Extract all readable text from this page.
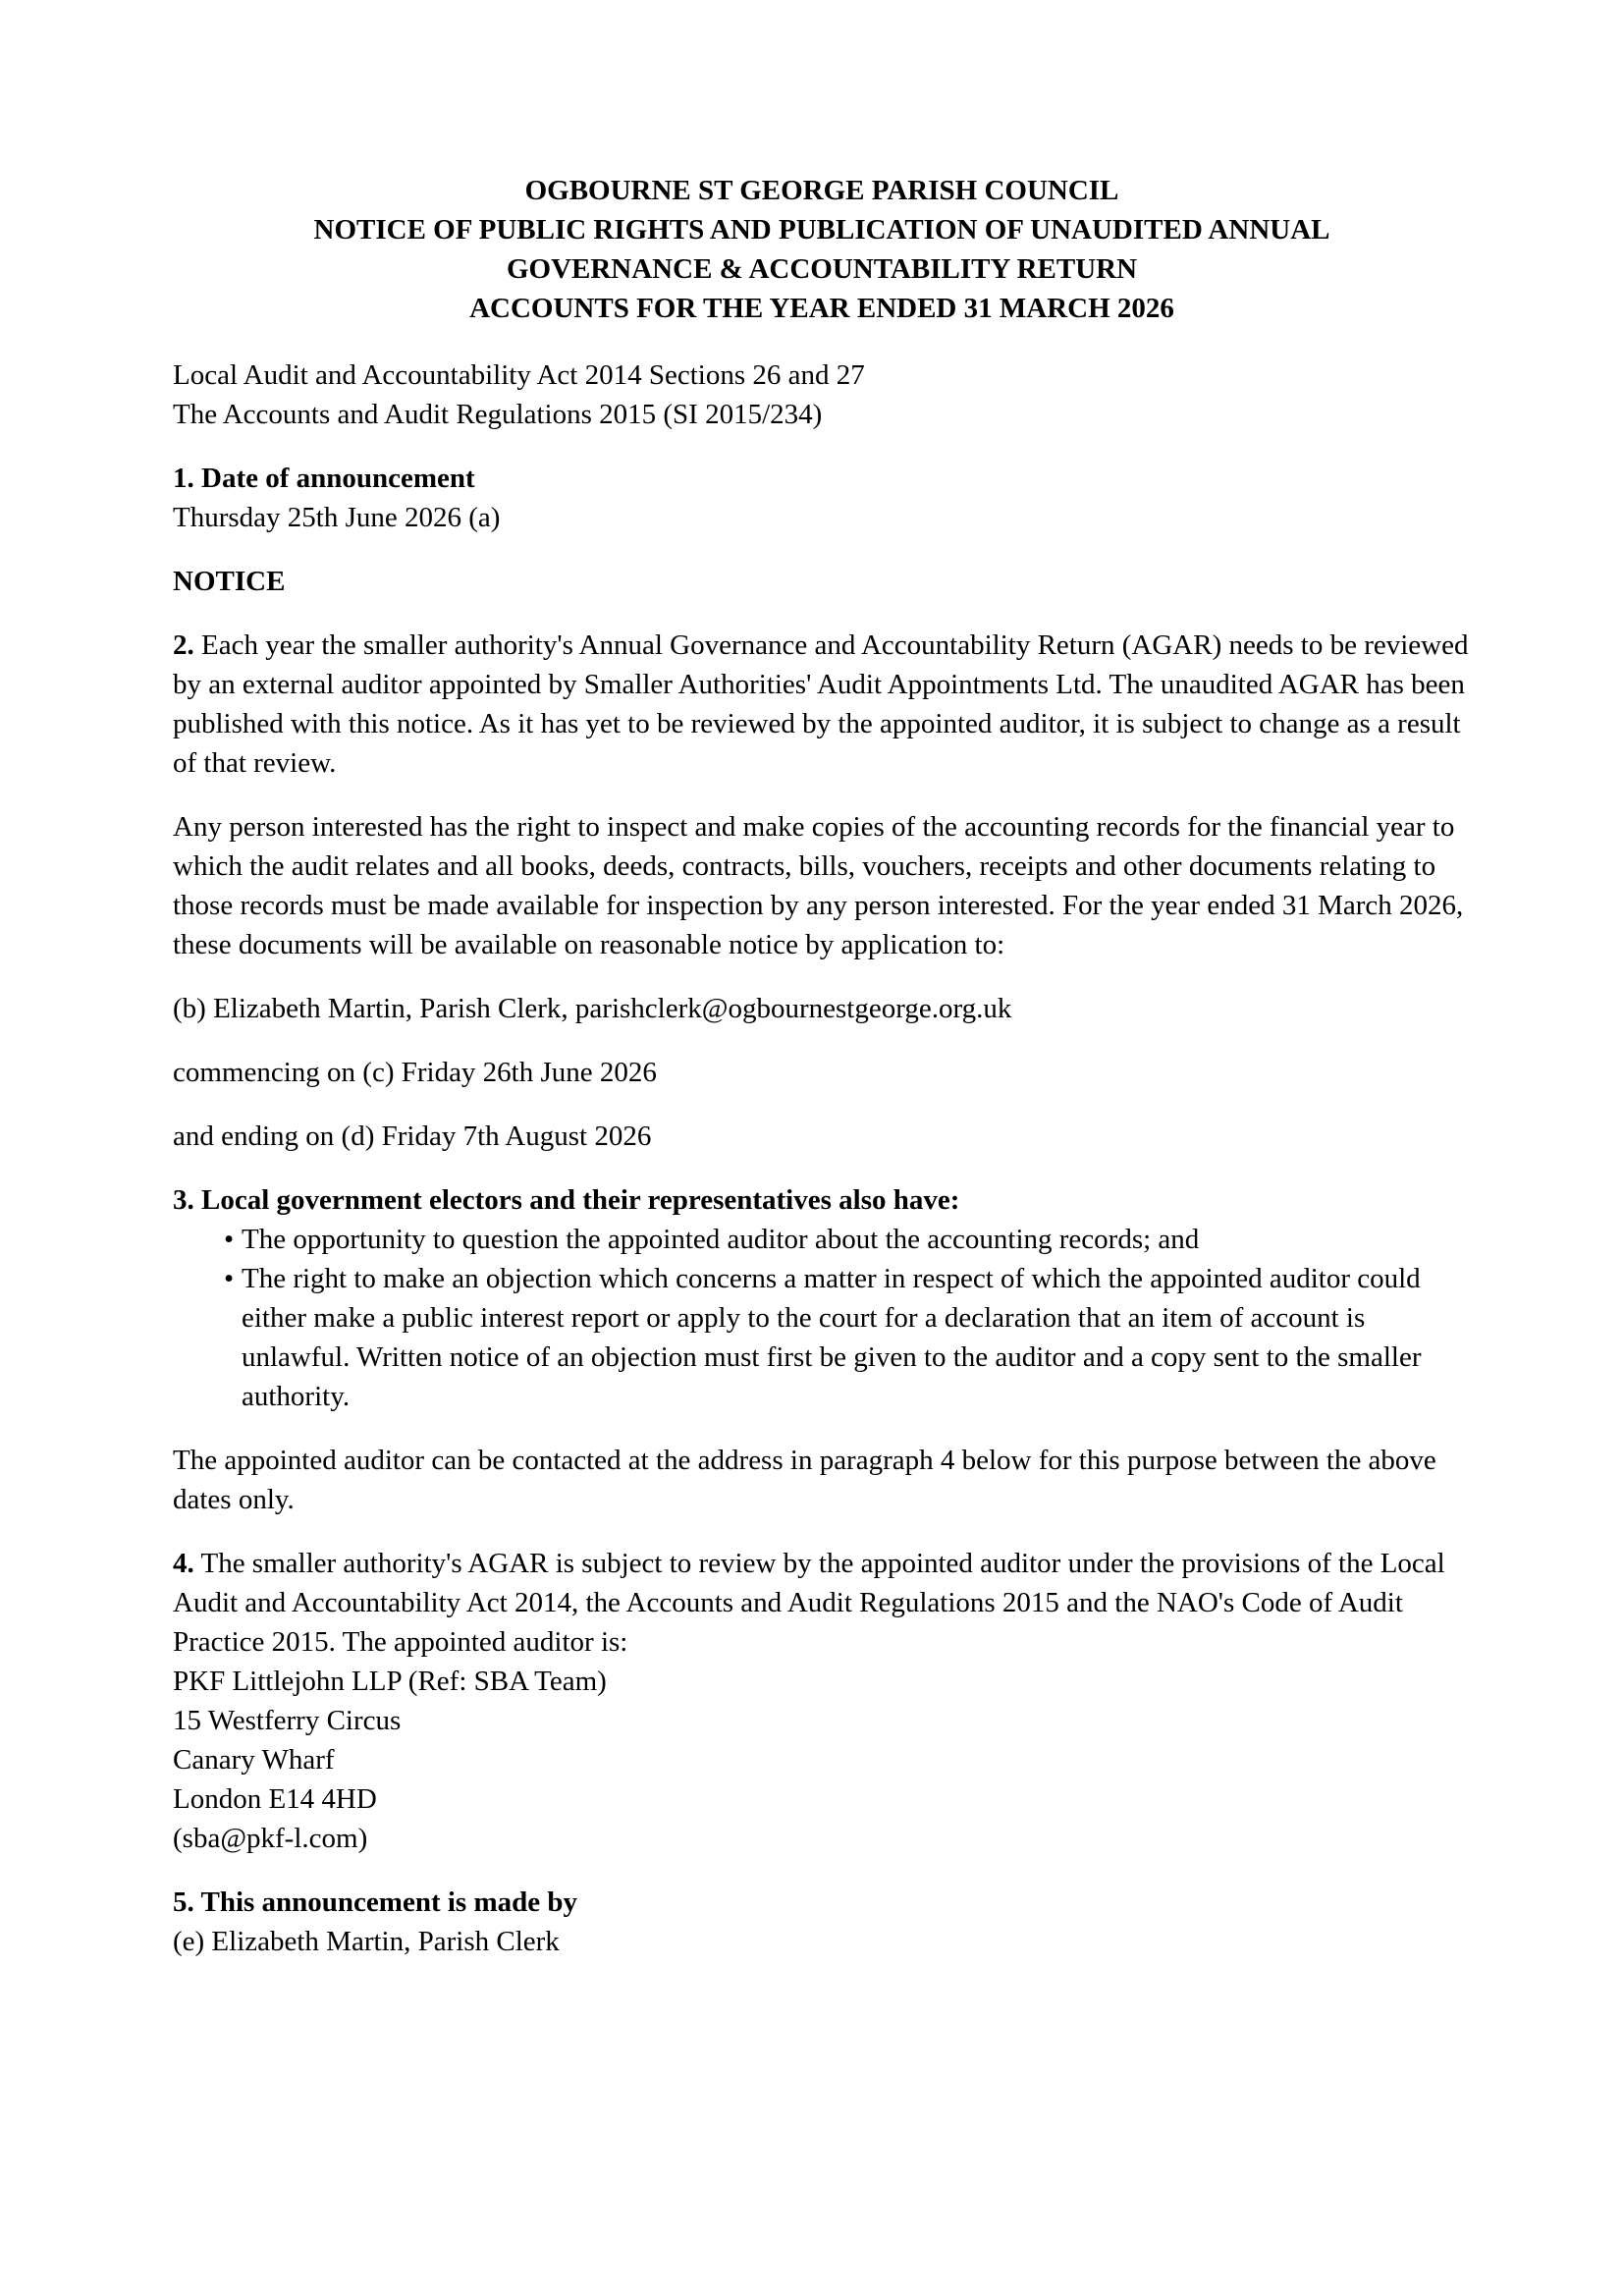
OGBOURNE ST GEORGE PARISH COUNCIL
NOTICE OF PUBLIC RIGHTS AND PUBLICATION OF UNAUDITED ANNUAL
GOVERNANCE & ACCOUNTABILITY RETURN
ACCOUNTS FOR THE YEAR ENDED 31 MARCH 2026
Local Audit and Accountability Act 2014 Sections 26 and 27
The Accounts and Audit Regulations 2015 (SI 2015/234)
1. Date of announcement
Thursday 25th June 2026 (a)
NOTICE
2. Each year the smaller authority's Annual Governance and Accountability Return (AGAR) needs to be reviewed by an external auditor appointed by Smaller Authorities' Audit Appointments Ltd. The unaudited AGAR has been published with this notice. As it has yet to be reviewed by the appointed auditor, it is subject to change as a result of that review.
Any person interested has the right to inspect and make copies of the accounting records for the financial year to which the audit relates and all books, deeds, contracts, bills, vouchers, receipts and other documents relating to those records must be made available for inspection by any person interested. For the year ended 31 March 2026, these documents will be available on reasonable notice by application to:
(b) Elizabeth Martin, Parish Clerk, parishclerk@ogbournestgeorge.org.uk
commencing on (c) Friday 26th June 2026
and ending on (d) Friday 7th August 2026
3. Local government electors and their representatives also have:
• The opportunity to question the appointed auditor about the accounting records; and
• The right to make an objection which concerns a matter in respect of which the appointed auditor could either make a public interest report or apply to the court for a declaration that an item of account is unlawful. Written notice of an objection must first be given to the auditor and a copy sent to the smaller authority.
The appointed auditor can be contacted at the address in paragraph 4 below for this purpose between the above dates only.
4. The smaller authority's AGAR is subject to review by the appointed auditor under the provisions of the Local Audit and Accountability Act 2014, the Accounts and Audit Regulations 2015 and the NAO's Code of Audit Practice 2015. The appointed auditor is:
PKF Littlejohn LLP (Ref: SBA Team)
15 Westferry Circus
Canary Wharf
London E14 4HD
(sba@pkf-l.com)
5. This announcement is made by
(e) Elizabeth Martin, Parish Clerk
